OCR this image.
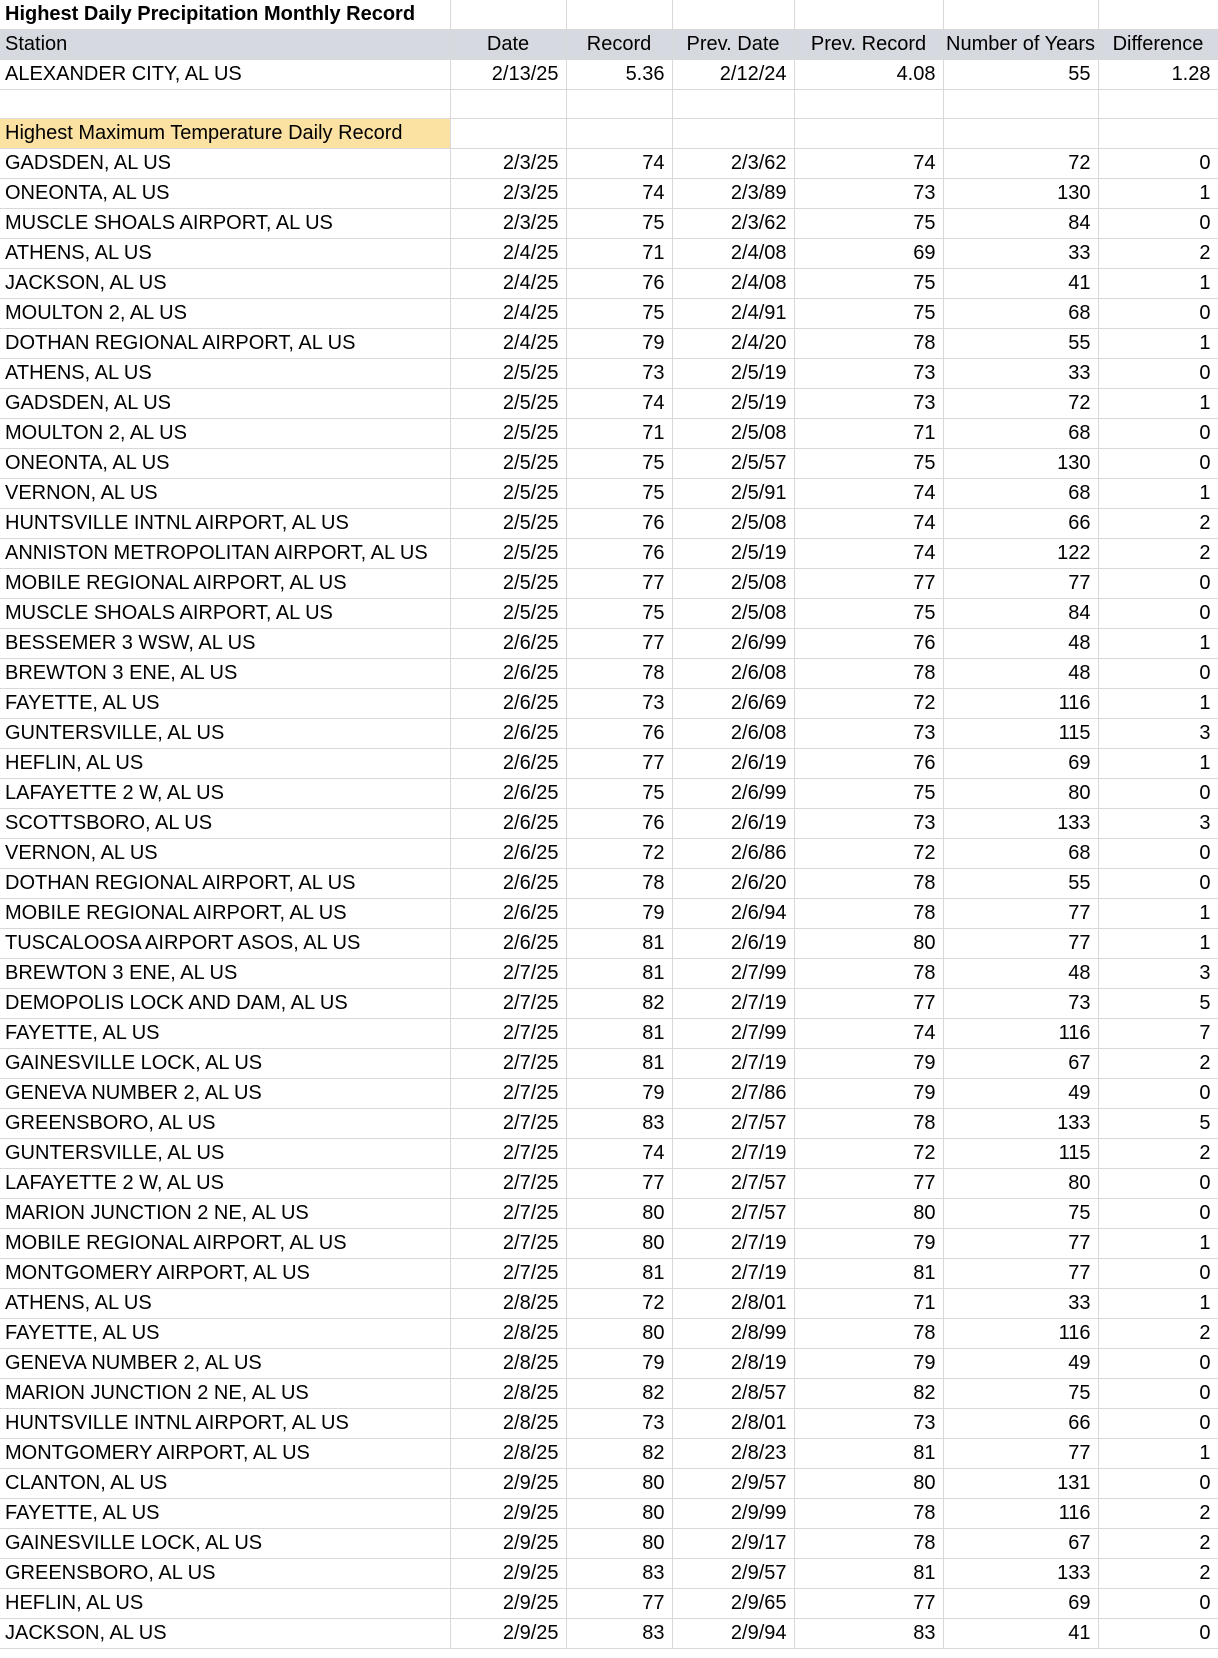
Highest Daily Precipitation Monthly Record						
Station	Date	Record	Prev. Date	Prev. Record	Number of Years	Difference
ALEXANDER CITY, AL US	2/13/25	5.36	2/12/24	4.08	55	1.28

Highest Maximum Temperature Daily Record						
GADSDEN, AL US	2/3/25	74	2/3/62	74	72	0
ONEONTA, AL US	2/3/25	74	2/3/89	73	130	1
MUSCLE SHOALS AIRPORT, AL US	2/3/25	75	2/3/62	75	84	0
ATHENS, AL US	2/4/25	71	2/4/08	69	33	2
JACKSON, AL US	2/4/25	76	2/4/08	75	41	1
MOULTON 2, AL US	2/4/25	75	2/4/91	75	68	0
DOTHAN REGIONAL AIRPORT, AL US	2/4/25	79	2/4/20	78	55	1
ATHENS, AL US	2/5/25	73	2/5/19	73	33	0
GADSDEN, AL US	2/5/25	74	2/5/19	73	72	1
MOULTON 2, AL US	2/5/25	71	2/5/08	71	68	0
ONEONTA, AL US	2/5/25	75	2/5/57	75	130	0
VERNON, AL US	2/5/25	75	2/5/91	74	68	1
HUNTSVILLE INTNL AIRPORT, AL US	2/5/25	76	2/5/08	74	66	2
ANNISTON METROPOLITAN AIRPORT, AL US	2/5/25	76	2/5/19	74	122	2
MOBILE REGIONAL AIRPORT, AL US	2/5/25	77	2/5/08	77	77	0
MUSCLE SHOALS AIRPORT, AL US	2/5/25	75	2/5/08	75	84	0
BESSEMER 3 WSW, AL US	2/6/25	77	2/6/99	76	48	1
BREWTON 3 ENE, AL US	2/6/25	78	2/6/08	78	48	0
FAYETTE, AL US	2/6/25	73	2/6/69	72	116	1
GUNTERSVILLE, AL US	2/6/25	76	2/6/08	73	115	3
HEFLIN, AL US	2/6/25	77	2/6/19	76	69	1
LAFAYETTE 2 W, AL US	2/6/25	75	2/6/99	75	80	0
SCOTTSBORO, AL US	2/6/25	76	2/6/19	73	133	3
VERNON, AL US	2/6/25	72	2/6/86	72	68	0
DOTHAN REGIONAL AIRPORT, AL US	2/6/25	78	2/6/20	78	55	0
MOBILE REGIONAL AIRPORT, AL US	2/6/25	79	2/6/94	78	77	1
TUSCALOOSA AIRPORT ASOS, AL US	2/6/25	81	2/6/19	80	77	1
BREWTON 3 ENE, AL US	2/7/25	81	2/7/99	78	48	3
DEMOPOLIS LOCK AND DAM, AL US	2/7/25	82	2/7/19	77	73	5
FAYETTE, AL US	2/7/25	81	2/7/99	74	116	7
GAINESVILLE LOCK, AL US	2/7/25	81	2/7/19	79	67	2
GENEVA NUMBER 2, AL US	2/7/25	79	2/7/86	79	49	0
GREENSBORO, AL US	2/7/25	83	2/7/57	78	133	5
GUNTERSVILLE, AL US	2/7/25	74	2/7/19	72	115	2
LAFAYETTE 2 W, AL US	2/7/25	77	2/7/57	77	80	0
MARION JUNCTION 2 NE, AL US	2/7/25	80	2/7/57	80	75	0
MOBILE REGIONAL AIRPORT, AL US	2/7/25	80	2/7/19	79	77	1
MONTGOMERY AIRPORT, AL US	2/7/25	81	2/7/19	81	77	0
ATHENS, AL US	2/8/25	72	2/8/01	71	33	1
FAYETTE, AL US	2/8/25	80	2/8/99	78	116	2
GENEVA NUMBER 2, AL US	2/8/25	79	2/8/19	79	49	0
MARION JUNCTION 2 NE, AL US	2/8/25	82	2/8/57	82	75	0
HUNTSVILLE INTNL AIRPORT, AL US	2/8/25	73	2/8/01	73	66	0
MONTGOMERY AIRPORT, AL US	2/8/25	82	2/8/23	81	77	1
CLANTON, AL US	2/9/25	80	2/9/57	80	131	0
FAYETTE, AL US	2/9/25	80	2/9/99	78	116	2
GAINESVILLE LOCK, AL US	2/9/25	80	2/9/17	78	67	2
GREENSBORO, AL US	2/9/25	83	2/9/57	81	133	2
HEFLIN, AL US	2/9/25	77	2/9/65	77	69	0
JACKSON, AL US	2/9/25	83	2/9/94	83	41	0
